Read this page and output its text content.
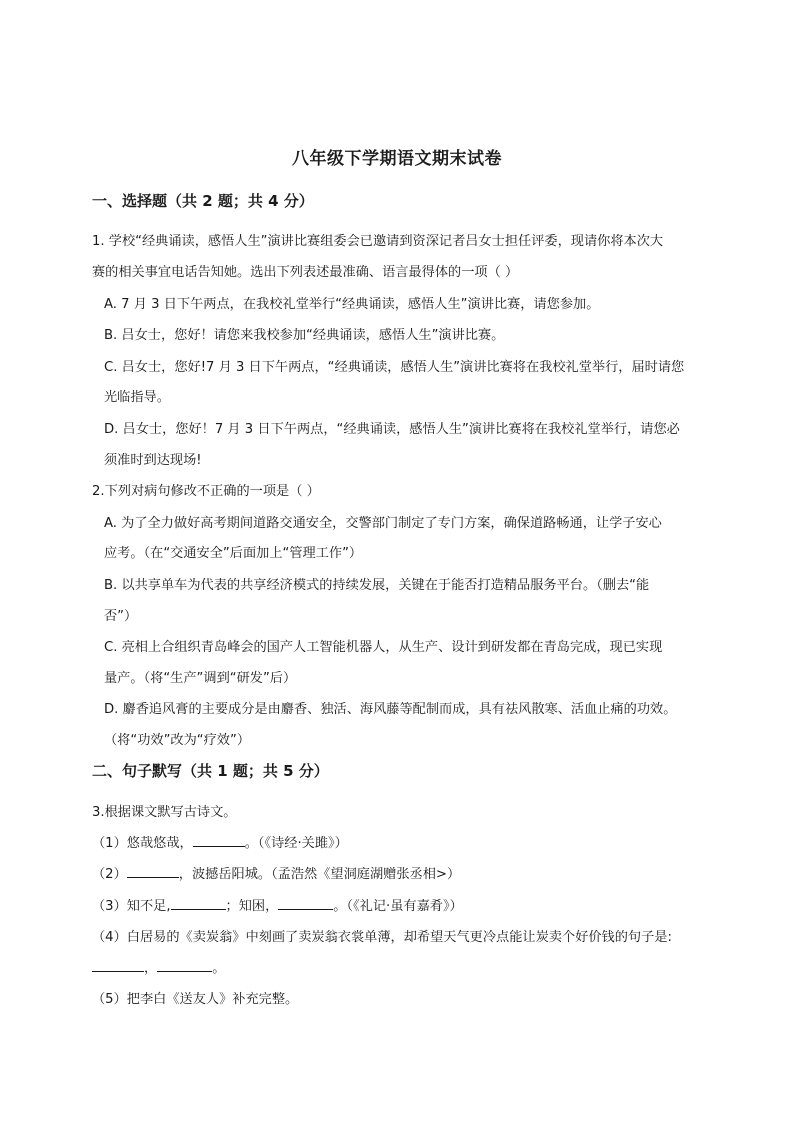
八年级下学期语文期末试卷
一、选择题（共 2 题；共 4 分）
1. 学校“经典诵读，感悟人生”演讲比赛组委会已邀请到资深记者吕女士担任评委，现请你将本次大
赛的相关事宜电话告知她。选出下列表述最准确、语言最得体的一项（ ）
A. 7 月 3 日下午两点，在我校礼堂举行“经典诵读，感悟人生”演讲比赛，请您参加。
B. 吕女士，您好！请您来我校参加“经典诵读，感悟人生”演讲比赛。
C. 吕女士，您好!7 月 3 日下午两点，“经典诵读，感悟人生”演讲比赛将在我校礼堂举行，届时请您
光临指导。
D. 吕女士，您好！7 月 3 日下午两点，“经典诵读，感悟人生”演讲比赛将在我校礼堂举行，请您必
须准时到达现场!
2.下列对病句修改不正确的一项是（ ）
A. 为了全力做好高考期间道路交通安全，交警部门制定了专门方案，确保道路畅通，让学子安心
应考。（在“交通安全”后面加上“管理工作”）
B. 以共享单车为代表的共享经济模式的持续发展，关键在于能否打造精品服务平台。（删去“能
否”）
C. 亮相上合组织青岛峰会的国产人工智能机器人，从生产、设计到研发都在青岛完成，现已实现
量产。（将“生产”调到“研发”后）
D. 麝香追风膏的主要成分是由麝香、独活、海风藤等配制而成，具有祛风散寒、活血止痛的功效。
（将“功效”改为“疗效”）
二、句子默写（共 1 题；共 5 分）
3.根据课文默写古诗文。
（1）悠哉悠哉，	。（《诗经·关雎》）
（2）	，波撼岳阳城。（孟浩然《望洞庭湖赠张丞相>）
（3）知不足,	；知困，	。（《礼记·虽有嘉肴》）
（4）白居易的《卖炭翁》中刻画了卖炭翁衣裳单薄，却希望天气更冷点能让炭卖个好价钱的句子是:
，	。
（5）把李白《送友人》补充完整。
